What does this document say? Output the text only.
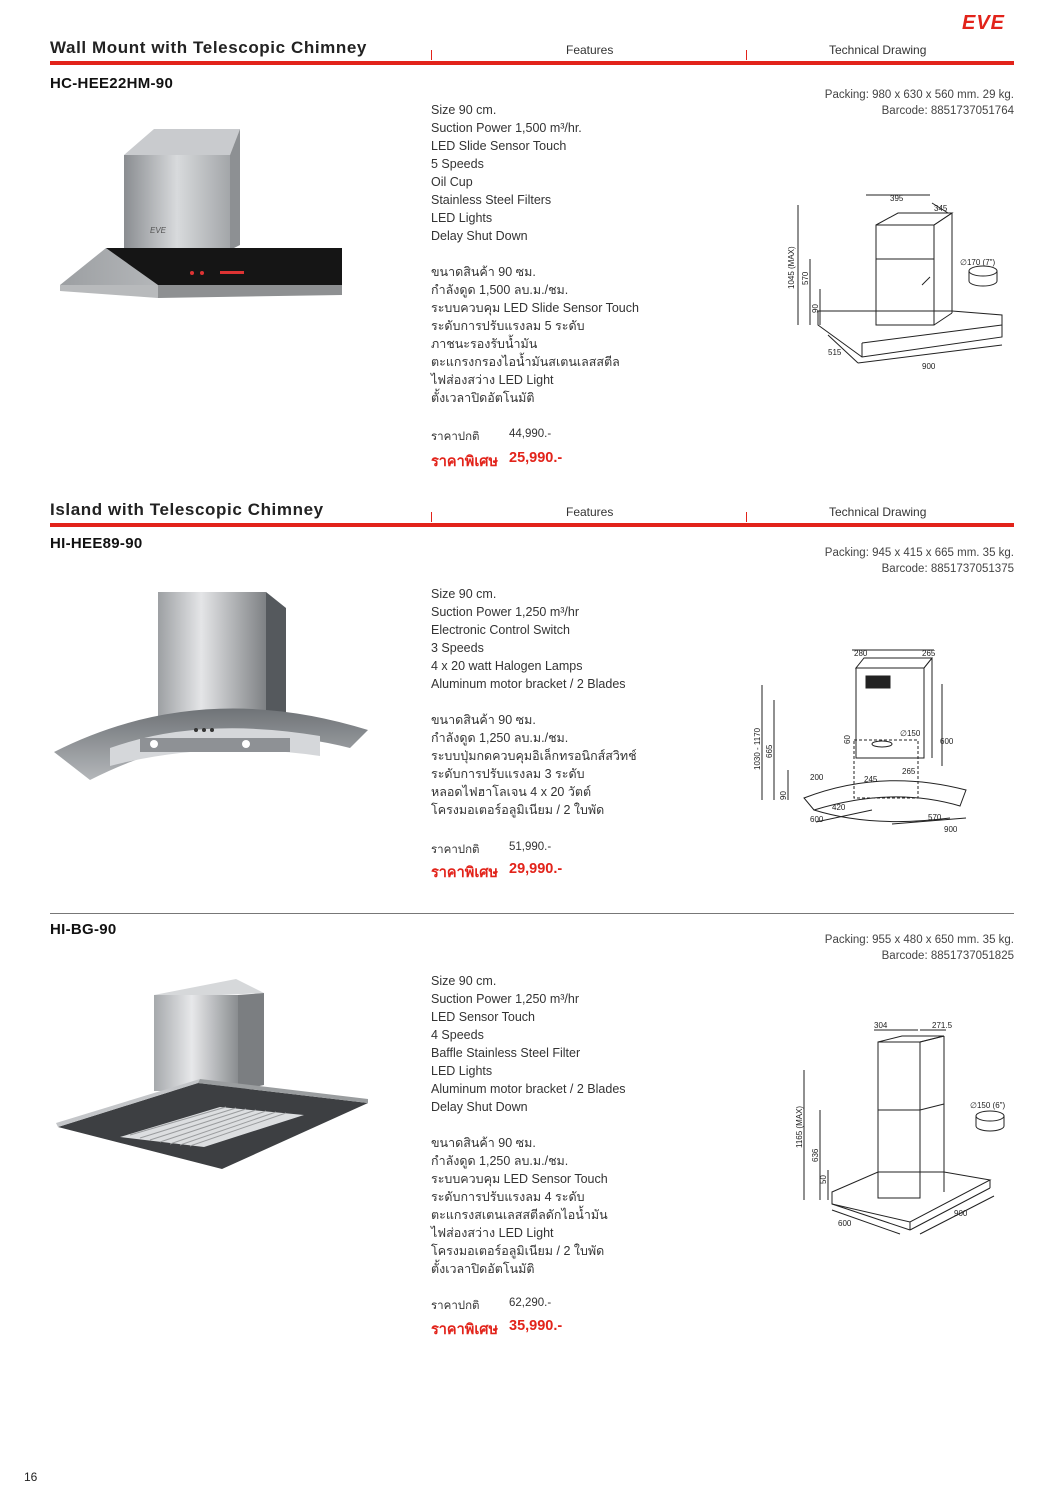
EVE
Wall Mount with Telescopic Chimney	Features	Technical Drawing
HC-HEE22HM-90
Packing: 980 x 630 x 560 mm. 29 kg.
Barcode: 8851737051764
EVE
Size 90 cm.
Suction Power 1,500 m³/hr.
LED Slide Sensor Touch
5 Speeds
Oil Cup
Stainless Steel Filters
LED Lights
Delay Shut Down
ขนาดสินค้า 90 ซม.
กำลังดูด 1,500 ลบ.ม./ชม.
ระบบควบคุม LED Slide Sensor Touch
ระดับการปรับแรงลม 5 ระดับ
ภาชนะรองรับน้ำมัน
ตะแกรงกรองไอน้ำมันสเตนเลสสตีล
ไฟส่องสว่าง LED Light
ตั้งเวลาปิดอัตโนมัติ
ราคาปกติ	44,990.-
ราคาพิเศษ 25,990.-
395
345
∅170 (7")
1045 (MAX) 570
90
515
900
Island with Telescopic Chimney	Features	Technical Drawing
HI-HEE89-90
Packing: 945 x 415 x 665 mm. 35 kg.
Barcode: 8851737051375
Size 90 cm.
Suction Power 1,250 m³/hr
Electronic Control Switch
3 Speeds
4 x 20 watt Halogen Lamps
Aluminum motor bracket / 2 Blades
ขนาดสินค้า 90 ซม.
กำลังดูด 1,250 ลบ.ม./ชม.
ระบบปุ่มกดควบคุมอิเล็กทรอนิกส์สวิทช์
ระดับการปรับแรงลม 3 ระดับ
หลอดไฟฮาโลเจน 4 x 20 วัตต์
โครงมอเตอร์อลูมิเนียม / 2 ใบพัด
ราคาปกติ	51,990.-
ราคาพิเศษ 29,990.-
280	265
1030 - 1170 665
90
600
∅150
60
200	245
265
420
600	570
900
HI-BG-90
Packing: 955 x 480 x 650 mm. 35 kg.
Barcode: 8851737051825
Size 90 cm.
Suction Power 1,250 m³/hr
LED Sensor Touch
4 Speeds
Baffle Stainless Steel Filter
LED Lights
Aluminum motor bracket / 2 Blades
Delay Shut Down
ขนาดสินค้า 90 ซม.
กำลังดูด 1,250 ลบ.ม./ชม.
ระบบควบคุม LED Sensor Touch
ระดับการปรับแรงลม 4 ระดับ
ตะแกรงสเตนเลสสตีลดักไอน้ำมัน
ไฟส่องสว่าง LED Light
โครงมอเตอร์อลูมิเนียม / 2 ใบพัด
ตั้งเวลาปิดอัตโนมัติ
ราคาปกติ	62,290.-
ราคาพิเศษ 35,990.-
304	271.5
∅150 (6")
1165 (MAX)
636
50
600
900
16
